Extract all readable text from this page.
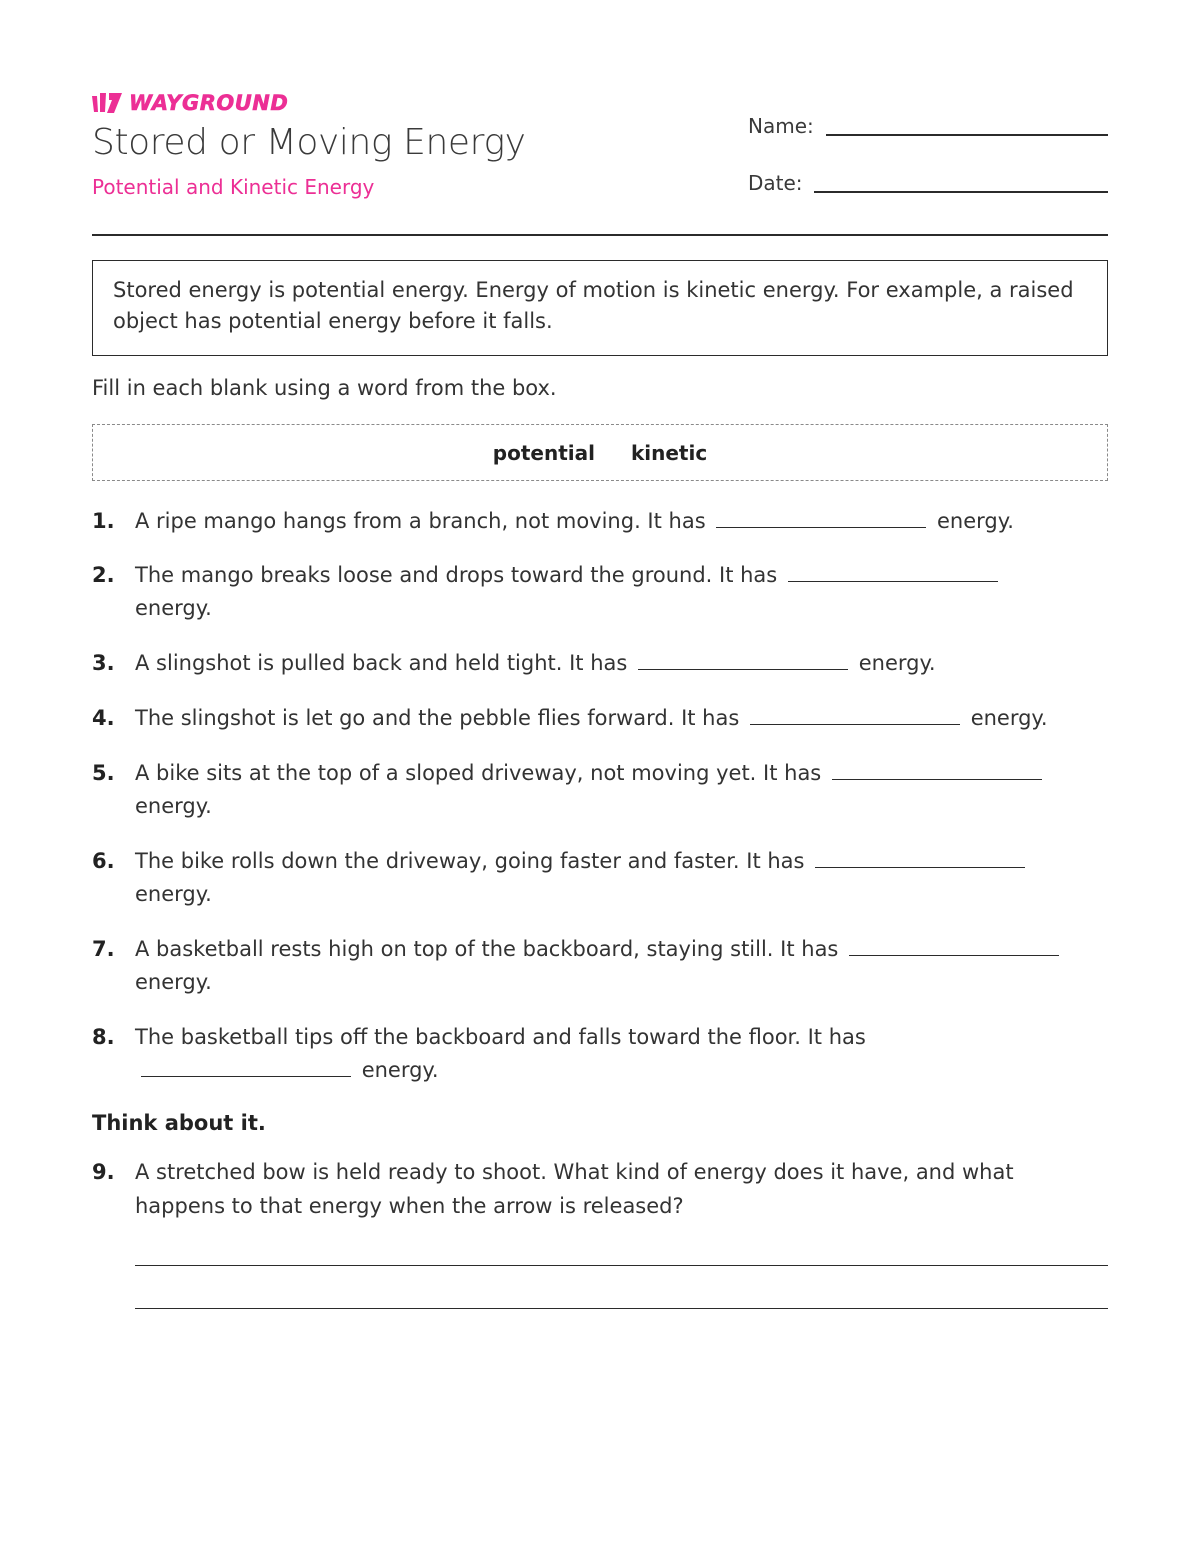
WAYGROUND
Stored or Moving Energy
Potential and Kinetic Energy
Name:
Date:
Stored energy is potential energy. Energy of motion is kinetic energy. For example, a raised object has potential energy before it falls.
Fill in each blank using a word from the box.
potential kinetic
1. A ripe mango hangs from a branch, not moving. It has	energy.
2. The mango breaks loose and drops toward the ground. It has
energy.
3. A slingshot is pulled back and held tight. It has	energy.
4. The slingshot is let go and the pebble flies forward. It has	energy.
5. A bike sits at the top of a sloped driveway, not moving yet. It has
energy.
6. The bike rolls down the driveway, going faster and faster. It has
energy.
7. A basketball rests high on top of the backboard, staying still. It has
energy.
8. The basketball tips off the backboard and falls toward the floor. It has
energy.
Think about it.
9. A stretched bow is held ready to shoot. What kind of energy does it have, and what happens to that energy when the arrow is released?
